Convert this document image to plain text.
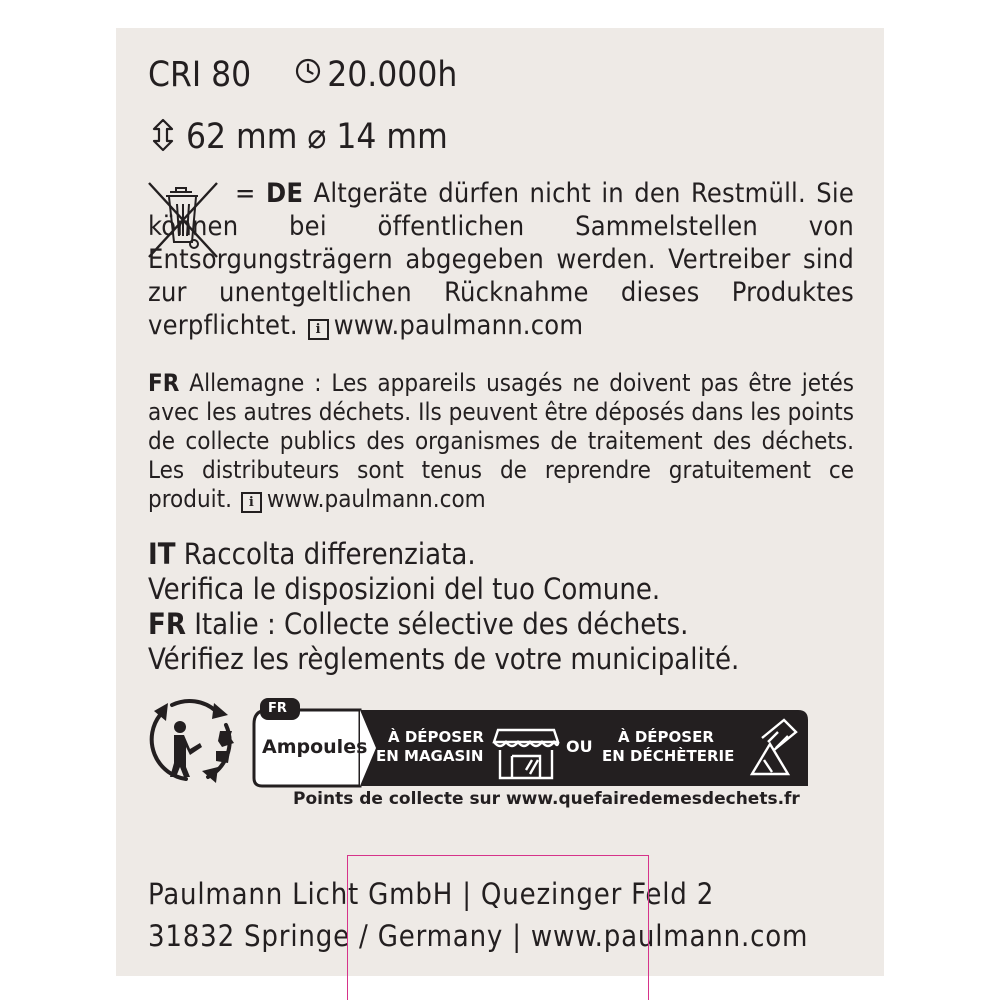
CRI 80 20.000h
62 mm ⌀ 14 mm

= DE Altgeräte dürfen nicht in den Restmüll. Sie können bei öffentlichen Sammelstellen von Entsorgungsträgern abgegeben werden. Vertreiber sind zur unentgeltlichen Rücknahme dieses Produktes verpflichtet. i www.paulmann.com

FR Allemagne : Les appareils usagés ne doivent pas être jetés avec les autres déchets. Ils peuvent être déposés dans les points de collecte publics des organismes de traitement des déchets. Les distributeurs sont tenus de reprendre gratuitement ce produit. i www.paulmann.com

IT Raccolta differenziata.
Verifica le disposizioni del tuo Comune.
FR Italie : Collecte sélective des déchets.
Vérifiez les règlements de votre municipalité.
FR
Ampoules À DÉPOSER
EN MAGASIN	OU À DÉPOSER
EN DÉCHÈTERIE
Points de collecte sur www.quefairedemesdechets.fr
Paulmann Licht GmbH | Quezinger Feld 2
31832 Springe / Germany | www.paulmann.com
